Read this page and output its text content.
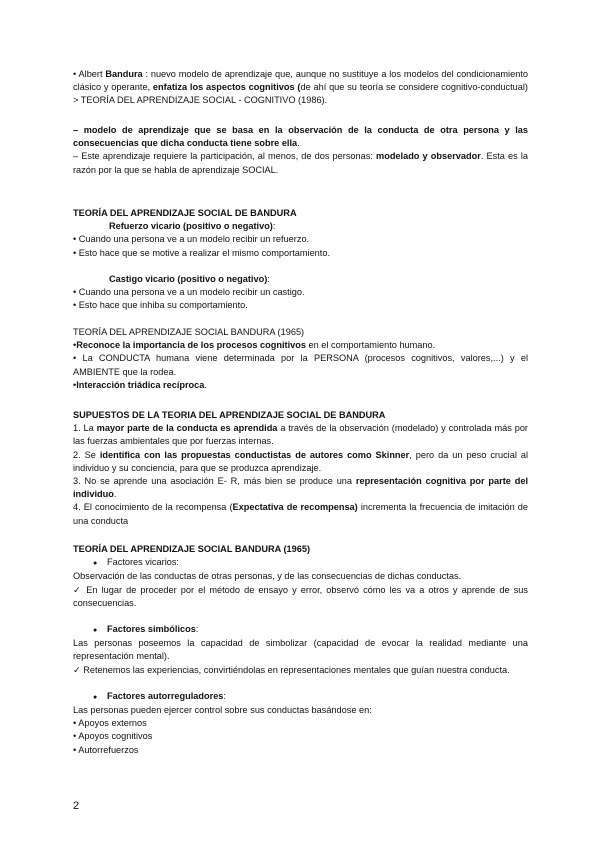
• Albert Bandura : nuevo modelo de aprendizaje que, aunque no sustituye a los modelos del condicionamiento clásico y operante, enfatiza los aspectos cognitivos (de ahí que su teoría se considere cognitivo-conductual) > TEORÍA DEL APRENDIZAJE SOCIAL - COGNITIVO (1986).

– modelo de aprendizaje que se basa en la observación de la conducta de otra persona y las consecuencias que dicha conducta tiene sobre ella.

– Este aprendizaje requiere la participación, al menos, de dos personas: modelado y observador. Esta es la razón por la que se habla de aprendizaje SOCIAL.

TEORÍA DEL APRENDIZAJE SOCIAL DE BANDURA
Refuerzo vicario (positivo o negativo):
• Cuando una persona ve a un modelo recibir un refuerzo.
• Esto hace que se motive a realizar el mismo comportamiento.
Castigo vicario (positivo o negativo):
• Cuando una persona ve a un modelo recibir un castigo.
• Esto hace que inhiba su comportamiento.
TEORÍA DEL APRENDIZAJE SOCIAL BANDURA (1965)
•Reconoce la importancia de los procesos cognitivos en el comportamiento humano.

• La CONDUCTA humana viene determinada por la PERSONA (procesos cognitivos, valores,...) y el AMBIENTE que la rodea.

•Interacción triádica recíproca.
SUPUESTOS DE LA TEORIA DEL APRENDIZAJE SOCIAL DE BANDURA

1. La mayor parte de la conducta es aprendida a través de la observación (modelado) y controlada más por las fuerzas ambientales que por fuerzas internas.

2. Se identifica con las propuestas conductistas de autores como Skinner, pero da un peso crucial al individuo y su conciencia, para que se produzca aprendizaje.

3. No se aprende una asociación E- R, más bien se produce una representación cognitiva por parte del individuo.

4. El conocimiento de la recompensa (Expectativa de recompensa) incrementa la frecuencia de imitación de una conducta

TEORÍA DEL APRENDIZAJE SOCIAL BANDURA (1965)
● Factores vicarios:

Observación de las conductas de otras personas, y de las consecuencias de dichas conductas.

✓ En lugar de proceder por el método de ensayo y error, observó cómo les va a otros y aprende de sus consecuencias.

● Factores simbólicos:

Las personas poseemos la capacidad de simbolizar (capacidad de evocar la realidad mediante una representación mental).

✓ Retenemos las experiencias, convirtiéndolas en representaciones mentales que guían nuestra conducta.

● Factores autorreguladores:
Las personas pueden ejercer control sobre sus conductas basándose en:
• Apoyos externos
• Apoyos cognitivos
• Autorrefuerzos
2
